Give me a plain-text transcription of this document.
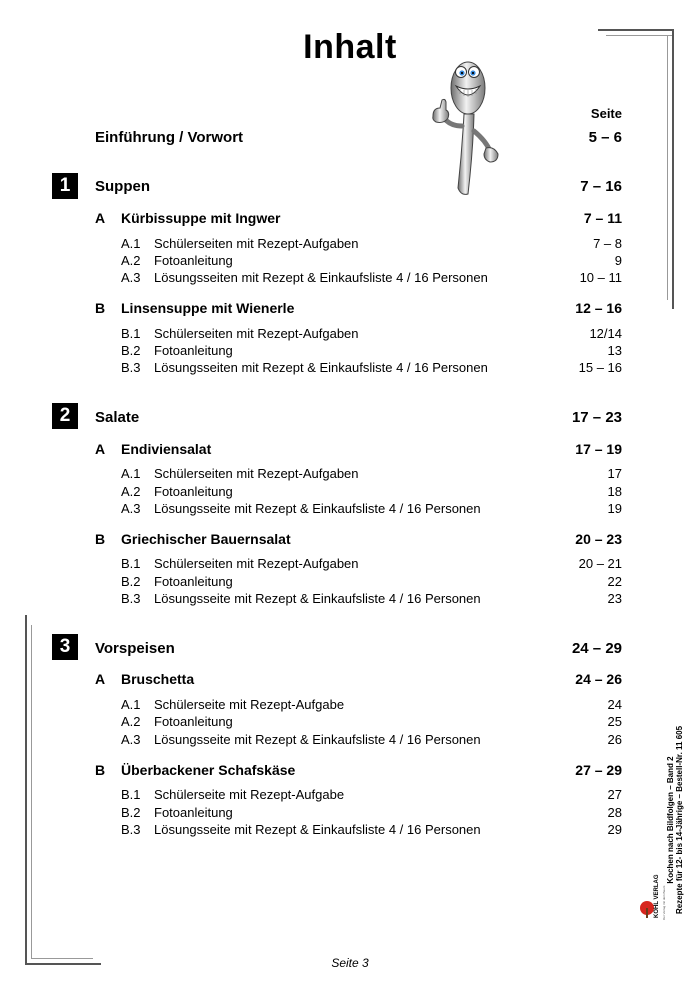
Inhalt
Seite
Einführung / Vorwort	5 – 6
1	Suppen	7 – 16
A Kürbissuppe mit Ingwer	7 – 11
A.1 Schülerseiten mit Rezept-Aufgaben	7 – 8
A.2 Fotoanleitung	9
A.3 Lösungsseiten mit Rezept & Einkaufsliste 4 / 16 Personen	10 – 11
B Linsensuppe mit Wienerle	12 – 16
B.1 Schülerseiten mit Rezept-Aufgaben	12/14
B.2 Fotoanleitung	13
B.3 Lösungsseiten mit Rezept & Einkaufsliste 4 / 16 Personen	15 – 16
2	Salate	17 – 23
A Endiviensalat	17 – 19
A.1 Schülerseiten mit Rezept-Aufgaben	17
A.2 Fotoanleitung	18
A.3 Lösungsseite mit Rezept & Einkaufsliste 4 / 16 Personen	19
B Griechischer Bauernsalat	20 – 23
B.1 Schülerseiten mit Rezept-Aufgaben	20 – 21
B.2 Fotoanleitung	22
B.3 Lösungsseite mit Rezept & Einkaufsliste 4 / 16 Personen	23
3	Vorspeisen	24 – 29
A Bruschetta	24 – 26
A.1 Schülerseite mit Rezept-Aufgabe	24
A.2 Fotoanleitung	25
A.3 Lösungsseite mit Rezept & Einkaufsliste 4 / 16 Personen	26
B Überbackener Schafskäse	27 – 29
B.1 Schülerseite mit Rezept-Aufgabe	27
B.2 Fotoanleitung	28
B.3 Lösungsseite mit Rezept & Einkaufsliste 4 / 16 Personen	29	Kochen nach Bildfolgen – Band 2 Rezepte für 12- bis 14-Jährige – Bestell-Nr. 11 605
KOHL VERLAG Der Verlag mit dem Baum
Seite 3
